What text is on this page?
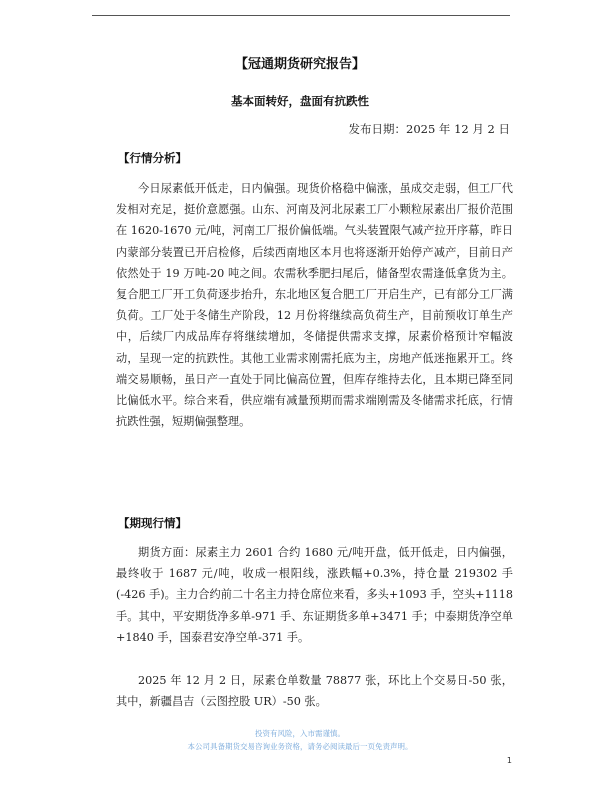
【冠通期货研究报告】
基本面转好，盘面有抗跌性
发布日期：2025 年 12 月 2 日
【行情分析】

今日尿素低开低走，日内偏强。现货价格稳中偏涨，虽成交走弱，但工厂代发相对充足，挺价意愿强。山东、河南及河北尿素工厂小颗粒尿素出厂报价范围在 1620-1670 元/吨，河南工厂报价偏低端。气头装置限气减产拉开序幕，昨日内蒙部分装置已开启检修，后续西南地区本月也将逐渐开始停产减产，目前日产依然处于 19 万吨-20 吨之间。农需秋季肥扫尾后，储备型农需逢低拿货为主。复合肥工厂开工负荷逐步抬升，东北地区复合肥工厂开启生产，已有部分工厂满负荷。工厂处于冬储生产阶段，12 月份将继续高负荷生产，目前预收订单生产中，后续厂内成品库存将继续增加，冬储提供需求支撑，尿素价格预计窄幅波动，呈现一定的抗跌性。其他工业需求刚需托底为主，房地产低迷拖累开工。终端交易顺畅，虽日产一直处于同比偏高位置，但库存维持去化，且本期已降至同比偏低水平。综合来看，供应端有减量预期而需求端刚需及冬储需求托底，行情抗跌性强，短期偏强整理。

【期现行情】

期货方面：尿素主力 2601 合约 1680 元/吨开盘，低开低走，日内偏强，最终收于 1687 元/吨，收成一根阳线，涨跌幅+0.3%，持仓量 219302 手(-426 手)。主力合约前二十名主力持仓席位来看，多头+1093 手，空头+1118 手。其中，平安期货净多单-971 手、东证期货多单+3471 手；中泰期货净空单+1840 手，国泰君安净空单-371 手。

2025 年 12 月 2 日，尿素仓单数量 78877 张，环比上个交易日-50 张，其中，新疆昌吉（云图控股 UR）-50 张。

投资有风险，入市需谨慎。
本公司具备期货交易咨询业务资格，请务必阅读最后一页免责声明。
1
